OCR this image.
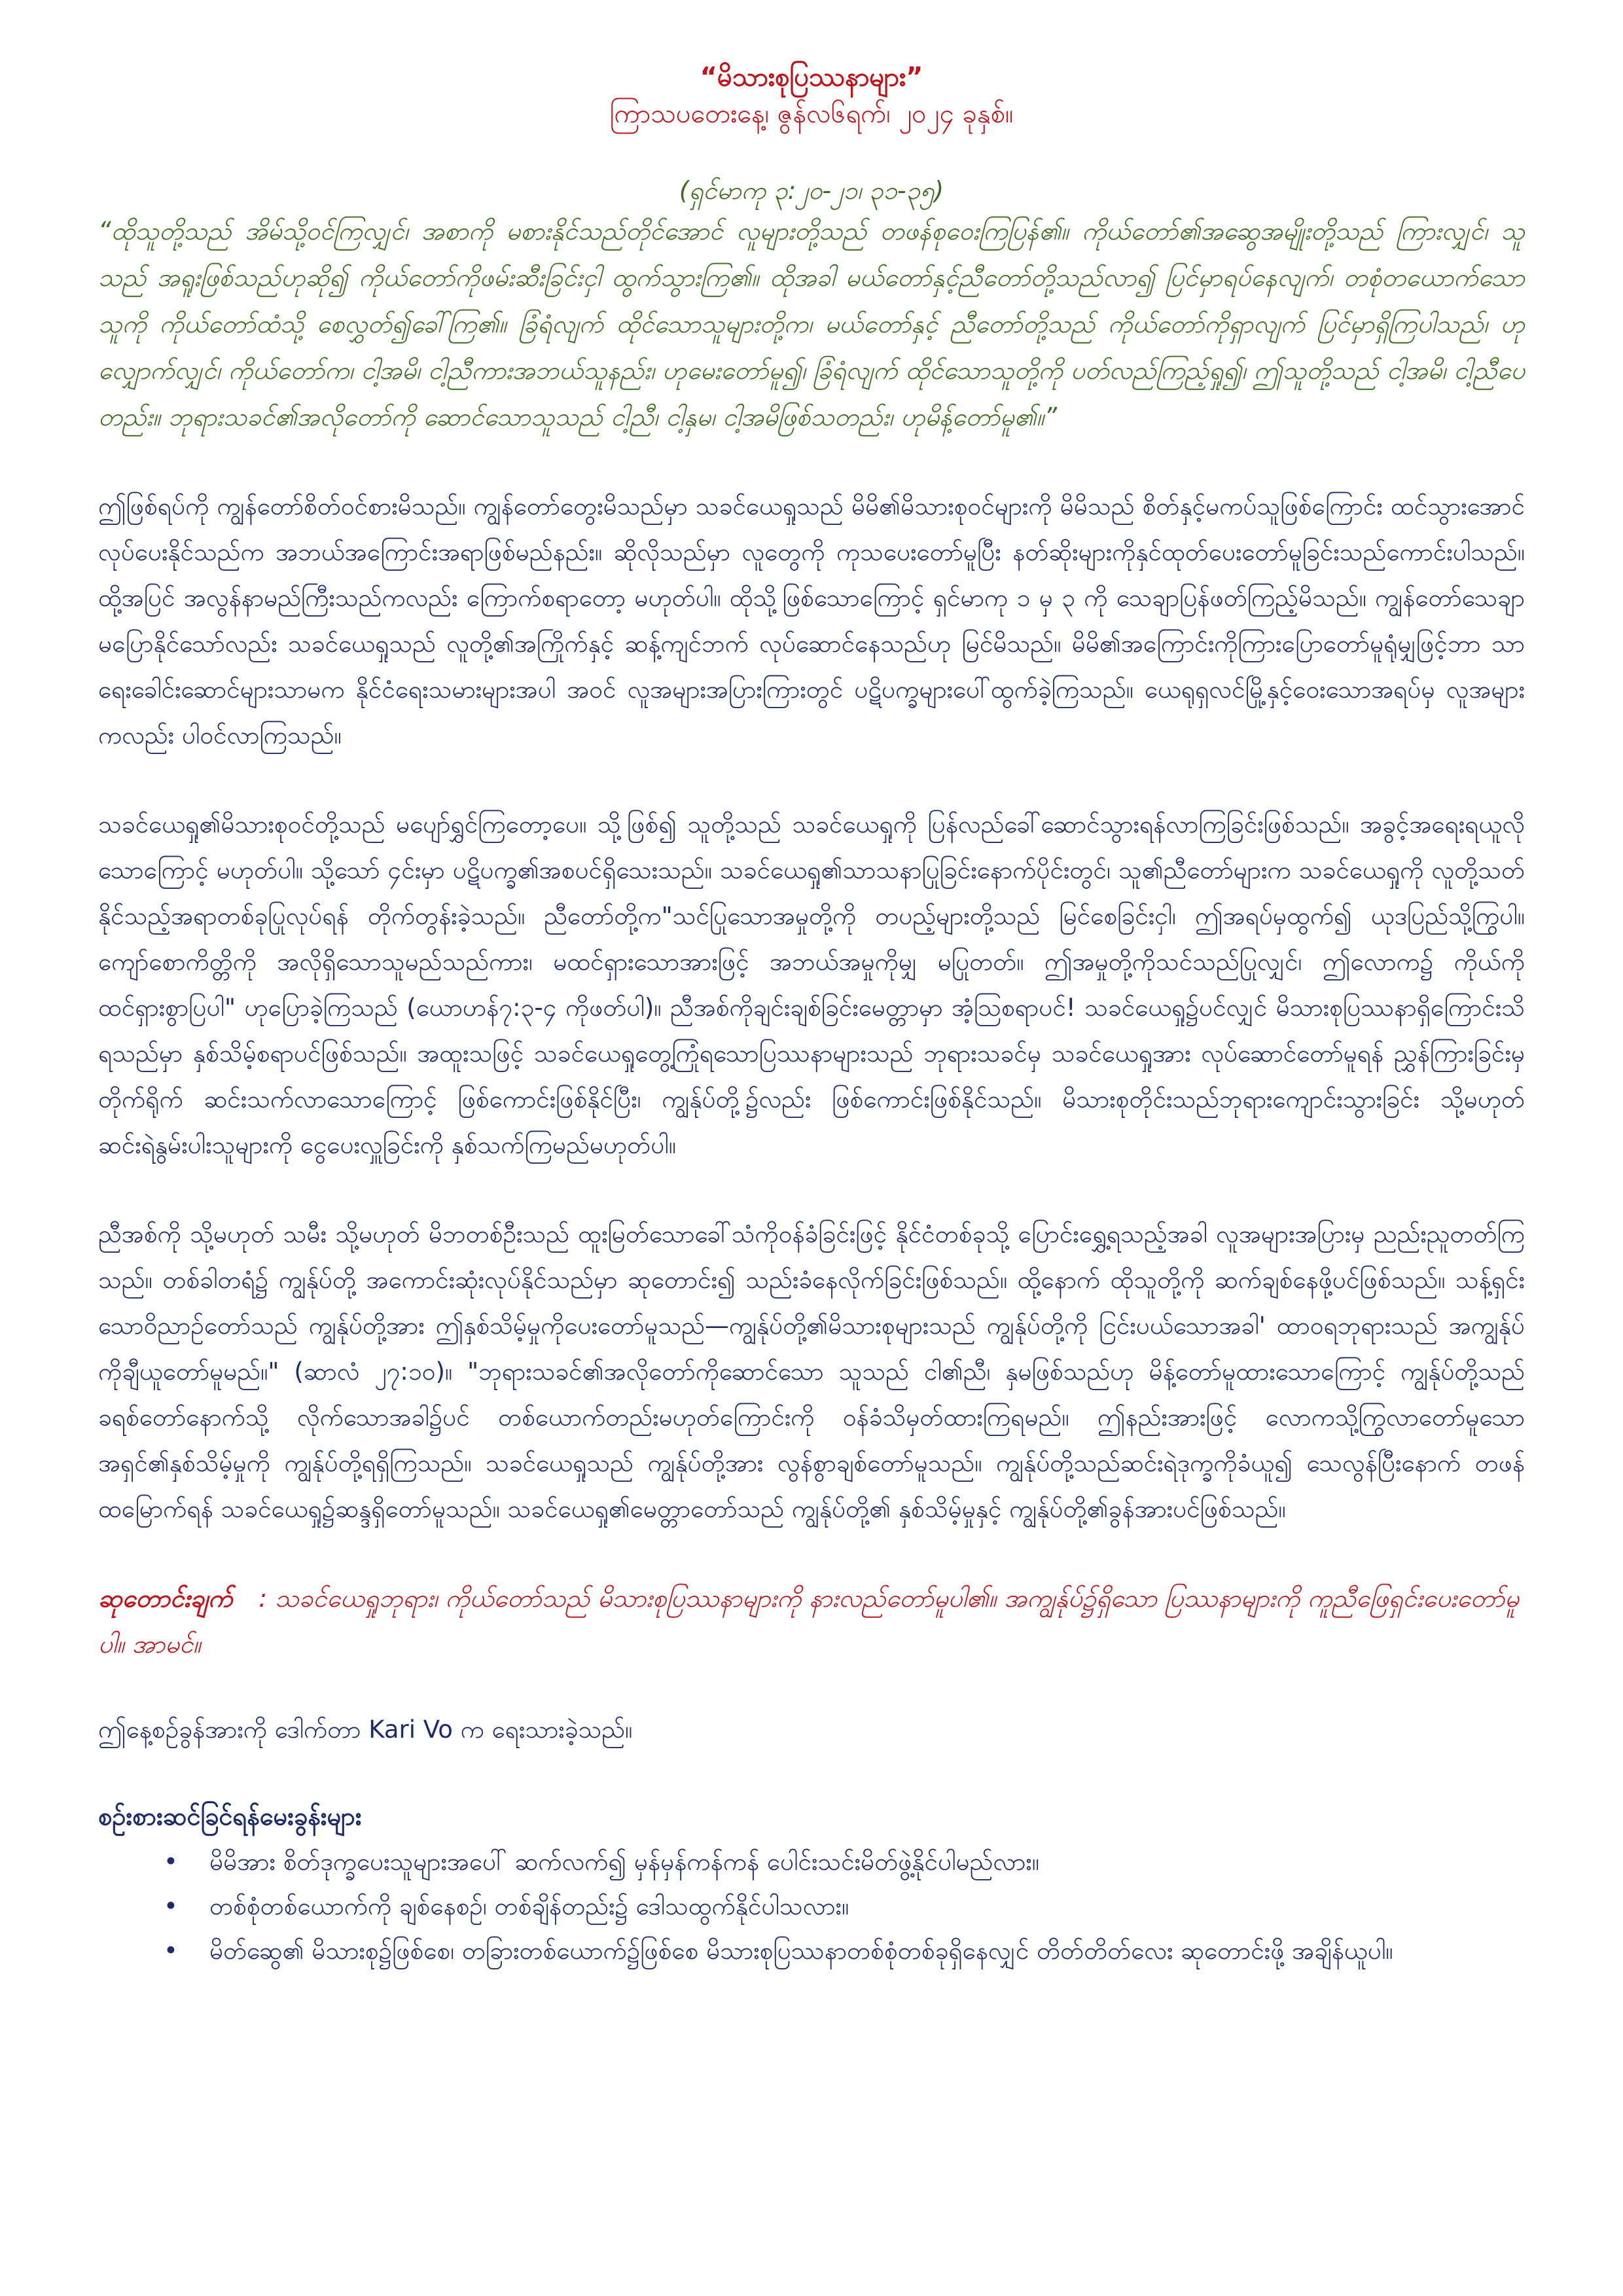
“မိသားစုပြဿနာများ”

ကြာသပတေးနေ့၊ ဇွန်လ၆ရက်၊ ၂၀၂၄ ခုနှစ်။

(ရှင်မာကု ၃:၂၀-၂၁၊ ၃၁-၃၅)

“ထိုသူတို့သည် အိမ်သို့ဝင်ကြလျှင်၊ အစာကို မစားနိုင်သည်တိုင်အောင် လူများတို့သည် တဖန်စုဝေးကြပြန်၏။ ကိုယ်တော်၏အဆွေအမျိုးတို့သည် ကြားလျှင်၊ သူသည် အရူးဖြစ်သည်ဟုဆို၍ ကိုယ်တော်ကိုဖမ်းဆီးခြင်းငှါ ထွက်သွားကြ၏။ ထိုအခါ မယ်တော်နှင့်ညီတော်တို့သည်လာ၍ ပြင်မှာရပ်နေလျက်၊ တစုံတယောက်သောသူကို ကိုယ်တော်ထံသို့ စေလွှတ်၍ခေါ်ကြ၏။ ခြံရံလျက် ထိုင်သောသူများတို့က၊ မယ်တော်နှင့် ညီတော်တို့သည် ကိုယ်တော်ကိုရှာလျက် ပြင်မှာရှိကြပါသည်၊ ဟုလျှောက်လျှင်၊ ကိုယ်တော်က၊ ငါ့အမိ၊ ငါ့ညီကားအဘယ်သူနည်း၊ ဟုမေးတော်မူ၍၊ ခြံရံလျက် ထိုင်သောသူတို့ကို ပတ်လည်ကြည့်ရှု၍၊ ဤသူတို့သည် ငါ့အမိ၊ ငါ့ညီပေတည်း။ ဘုရားသခင်၏အလိုတော်ကို ဆောင်သောသူသည် ငါ့ညီ၊ ငါ့နှမ၊ ငါ့အမိဖြစ်သတည်း၊ ဟုမိန့်တော်မူ၏။”

ဤဖြစ်ရပ်ကို ကျွန်တော်စိတ်ဝင်စားမိသည်။ ကျွန်တော်တွေးမိသည်မှာ သခင်ယေရှုသည် မိမိ၏မိသားစုဝင်များကို မိမိသည် စိတ်နှင့်မကပ်သူဖြစ်ကြောင်း ထင်သွားအောင် လုပ်ပေးနိုင်သည်က အဘယ်အကြောင်းအရာဖြစ်မည်နည်း။ ဆိုလိုသည်မှာ လူတွေကို ကုသပေးတော်မူပြီး နတ်ဆိုးများကိုနှင်ထုတ်ပေးတော်မူခြင်းသည်ကောင်းပါသည်။ ထို့အပြင် အလွန်နာမည်ကြီးသည်ကလည်း ကြောက်စရာတော့ မဟုတ်ပါ။ ထိုသို့ဖြစ်သောကြောင့် ရှင်မာကု ၁ မှ ၃ ကို သေချာပြန်ဖတ်ကြည့်မိသည်။ ကျွန်တော်သေချာမပြောနိုင်သော်လည်း သခင်ယေရှုသည် လူတို့၏အကြိုက်နှင့် ဆန့်ကျင်ဘက် လုပ်ဆောင်နေသည်ဟု မြင်မိသည်။ မိမိ၏အကြောင်းကိုကြားပြောတော်မူရုံမျှဖြင့်ဘာ သာရေးခေါင်းဆောင်များသာမက နိုင်ငံရေးသမားများအပါ အဝင် လူအများအပြားကြားတွင် ပဋိပက္ခများပေါ်ထွက်ခဲ့ကြသည်။ ယေရုရှလင်မြို့နှင့်ဝေးသောအရပ်မှ လူအများကလည်း ပါဝင်လာကြသည်။

သခင်ယေရှု၏မိသားစုဝင်တို့သည် မပျော်ရွှင်ကြတော့ပေ။ သို့ဖြစ်၍ သူတို့သည် သခင်ယေရှုကို ပြန်လည်ခေါ်ဆောင်သွားရန်လာကြခြင်းဖြစ်သည်။ အခွင့်အရေးရယူလိုသောကြောင့် မဟုတ်ပါ။ သို့သော် ၄င်းမှာ ပဋိပက္ခ၏အစပင်ရှိသေးသည်။ သခင်ယေရှု၏သာသနာပြုခြင်းနောက်ပိုင်းတွင်၊ သူ၏ညီတော်များက သခင်ယေရှုကို လူတို့သတ်နိုင်သည့်အရာတစ်ခုပြုလုပ်ရန် တိုက်တွန်းခဲ့သည်။ ညီတော်တို့က"သင်ပြုသောအမှုတို့ကို တပည့်များတို့သည် မြင်စေခြင်းငှါ၊ ဤအရပ်မှထွက်၍ ယုဒပြည်သို့ကြွပါ။ ကျော်စောကိတ္တိကို အလိုရှိသောသူမည်သည်ကား၊ မထင်ရှားသောအားဖြင့် အဘယ်အမှုကိုမျှ မပြုတတ်။ ဤအမှုတို့ကိုသင်သည်ပြုလျှင်၊ ဤလောက၌ ကိုယ်ကိုထင်ရှားစွာပြပါ" ဟုပြောခဲ့ကြသည် (ယောဟန်၇:၃-၄ ကိုဖတ်ပါ)။ ညီအစ်ကိုချင်းချစ်ခြင်းမေတ္တာမှာ အံ့သြစရာပင်! သခင်ယေရှု၌ပင်လျှင် မိသားစုပြဿနာရှိကြောင်းသိရသည်မှာ နှစ်သိမ့်စရာပင်ဖြစ်သည်။ အထူးသဖြင့် သခင်ယေရှုတွေ့ကြုံရသောပြဿနာများသည် ဘုရားသခင်မှ သခင်ယေရှုအား လုပ်ဆောင်တော်မူရန် ညွှန်ကြားခြင်းမှ တိုက်ရိုက် ဆင်းသက်လာသောကြောင့် ဖြစ်ကောင်းဖြစ်နိုင်ပြီး၊ ကျွန်ုပ်တို့၌လည်း ဖြစ်ကောင်းဖြစ်နိုင်သည်။ မိသားစုတိုင်းသည်ဘုရားကျောင်းသွားခြင်း သို့မဟုတ် ဆင်းရဲနွမ်းပါးသူများကို ငွေပေးလှူခြင်းကို နှစ်သက်ကြမည်မဟုတ်ပါ။

ညီအစ်ကို သို့မဟုတ် သမီး သို့မဟုတ် မိဘတစ်ဦးသည် ထူးမြတ်သောခေါ်သံကိုဝန်ခံခြင်းဖြင့် နိုင်ငံတစ်ခုသို့ ပြောင်းရွှေ့ရသည့်အခါ လူအများအပြားမှ ညည်းညူတတ်ကြသည်။ တစ်ခါတရံ၌ ကျွန်ုပ်တို့ အကောင်းဆုံးလုပ်နိုင်သည်မှာ ဆုတောင်း၍ သည်းခံနေလိုက်ခြင်းဖြစ်သည်။ ထို့နောက် ထိုသူတို့ကို ဆက်ချစ်နေဖို့ပင်ဖြစ်သည်။ သန့်ရှင်းသောဝိညာဉ်တော်သည် ကျွန်ုပ်တို့အား ဤနှစ်သိမ့်မှုကိုပေးတော်မူသည်—ကျွန်ုပ်တို့၏မိသားစုများသည် ကျွန်ုပ်တို့ကို ငြင်းပယ်သောအခါ' ထာဝရဘုရားသည် အကျွန်ုပ်ကိုချီယူတော်မူမည်။" (ဆာလံ ၂၇:၁၀)။ "ဘုရားသခင်၏အလိုတော်ကိုဆောင်သော သူသည် ငါ၏ညီ၊ နှမဖြစ်သည်ဟု မိန့်တော်မူထားသောကြောင့် ကျွန်ုပ်တို့သည် ခရစ်တော်နောက်သို့ လိုက်သောအခါ၌ပင် တစ်ယောက်တည်းမဟုတ်ကြောင်းကို ဝန်ခံသိမှတ်ထားကြရမည်။ ဤနည်းအားဖြင့် လောကသို့ကြွလာတော်မူသောအရှင်၏နှစ်သိမ့်မှုကို ကျွန်ုပ်တို့ရရှိကြသည်။ သခင်ယေရှုသည် ကျွန်ုပ်တို့အား လွန်စွာချစ်တော်မူသည်။ ကျွန်ုပ်တို့သည်ဆင်းရဲဒုက္ခကိုခံယူ၍ သေလွန်ပြီးနောက် တဖန်ထမြောက်ရန် သခင်ယေရှု၌ဆန္ဒရှိတော်မူသည်။ သခင်ယေရှု၏မေတ္တာတော်သည် ကျွန်ုပ်တို့၏ နှစ်သိမ့်မှုနှင့် ကျွန်ုပ်တို့၏ခွန်အားပင်ဖြစ်သည်။

ဆုတောင်းချက် : သခင်ယေရှုဘုရား၊ ကိုယ်တော်သည် မိသားစုပြဿနာများကို နားလည်တော်မူပါ၏။ အကျွန်ုပ်၌ရှိသော ပြဿနာများကို ကူညီဖြေရှင်းပေးတော်မူပါ။ အာမင်။

ဤနေ့စဉ်ခွန်အားကို ဒေါက်တာ Kari Vo က ရေးသားခဲ့သည်။

စဉ်းစားဆင်ခြင်ရန်မေးခွန်းများ

• မိမိအား စိတ်ဒုက္ခပေးသူများအပေါ် ဆက်လက်၍ မှန်မှန်ကန်ကန် ပေါင်းသင်းမိတ်ဖွဲ့နိုင်ပါမည်လား။
• တစ်စုံတစ်ယောက်ကို ချစ်နေစဉ်၊ တစ်ချိန်တည်း၌ ဒေါသထွက်နိုင်ပါသလား။
• မိတ်ဆွေ၏ မိသားစု၌ဖြစ်စေ၊ တခြားတစ်ယောက်၌ဖြစ်စေ မိသားစုပြဿနာတစ်စုံတစ်ခုရှိနေလျှင် တိတ်တိတ်လေး ဆုတောင်းဖို့ အချိန်ယူပါ။
